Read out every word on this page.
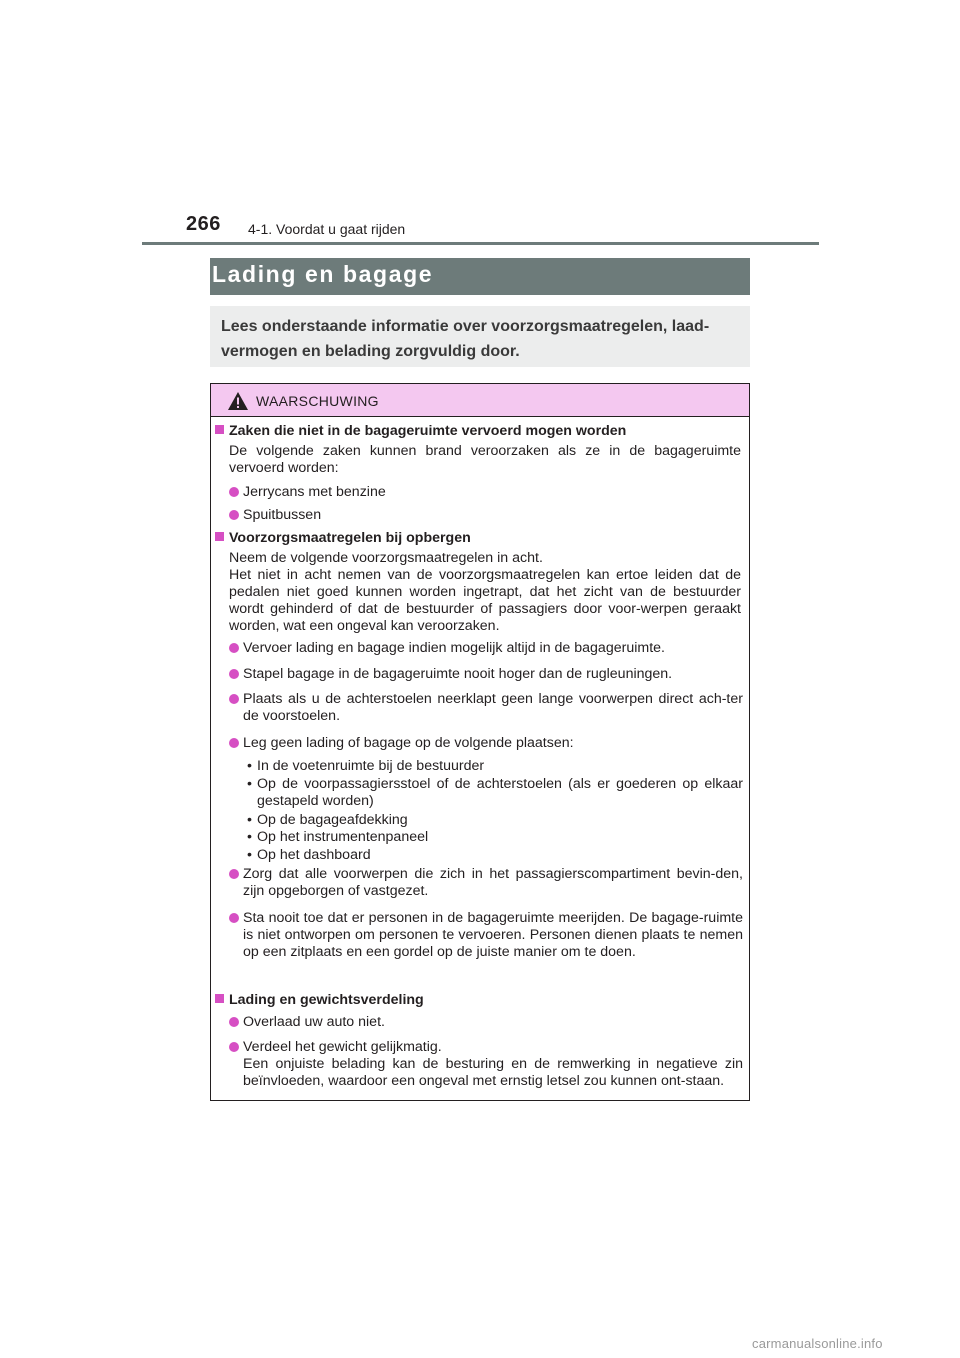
266 4-1. Voordat u gaat rijden
Lading en bagage
Lees onderstaande informatie over voorzorgsmaatregelen, laad-vermogen en belading zorgvuldig door.
WAARSCHUWING
Zaken die niet in de bagageruimte vervoerd mogen worden
De volgende zaken kunnen brand veroorzaken als ze in de bagageruimte vervoerd worden:
Jerrycans met benzine
Spuitbussen
Voorzorgsmaatregelen bij opbergen
Neem de volgende voorzorgsmaatregelen in acht.
Het niet in acht nemen van de voorzorgsmaatregelen kan ertoe leiden dat de pedalen niet goed kunnen worden ingetrapt, dat het zicht van de bestuurder wordt gehinderd of dat de bestuurder of passagiers door voor-werpen geraakt worden, wat een ongeval kan veroorzaken.
Vervoer lading en bagage indien mogelijk altijd in de bagageruimte.
Stapel bagage in de bagageruimte nooit hoger dan de rugleuningen.
Plaats als u de achterstoelen neerklapt geen lange voorwerpen direct ach-ter de voorstoelen.
Leg geen lading of bagage op de volgende plaatsen:
• In de voetenruimte bij de bestuurder
• Op de voorpassagiersstoel of de achterstoelen (als er goederen op elkaar gestapeld worden)
• Op de bagageafdekking
• Op het instrumentenpaneel
• Op het dashboard
Zorg dat alle voorwerpen die zich in het passagierscompartiment bevin-den, zijn opgeborgen of vastgezet.
Sta nooit toe dat er personen in de bagageruimte meerijden. De bagage-ruimte is niet ontworpen om personen te vervoeren. Personen dienen plaats te nemen op een zitplaats en een gordel op de juiste manier om te doen.
Lading en gewichtsverdeling
Overlaad uw auto niet.
Verdeel het gewicht gelijkmatig.
Een onjuiste belading kan de besturing en de remwerking in negatieve zin beïnvloeden, waardoor een ongeval met ernstig letsel zou kunnen ont-staan.
carmanualsonline.info
